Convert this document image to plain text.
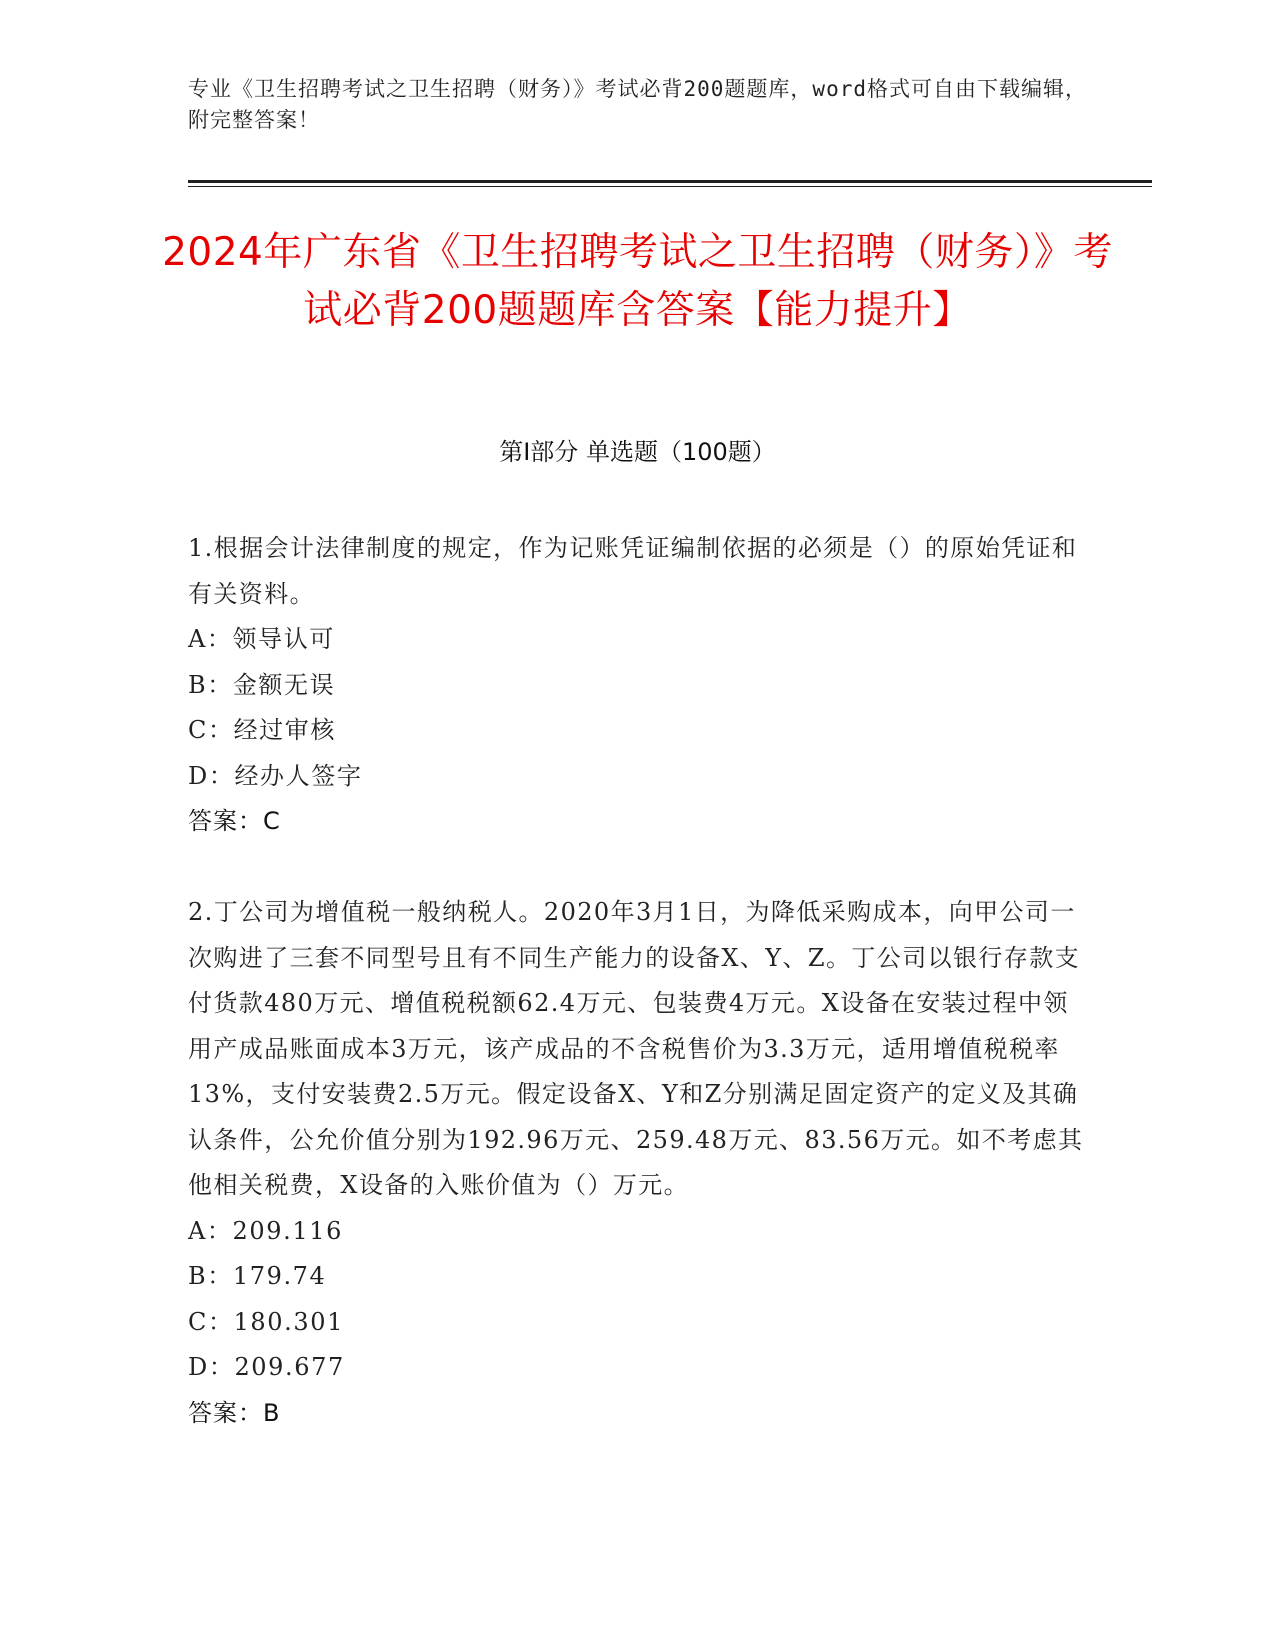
专业《卫生招聘考试之卫生招聘（财务）》考试必背200题题库，word格式可自由下载编辑，附完整答案！
2024年广东省《卫生招聘考试之卫生招聘（财务）》考试必背200题题库含答案【能力提升】
第I部分 单选题（100题）
1.根据会计法律制度的规定，作为记账凭证编制依据的必须是（）的原始凭证和有关资料。
A：领导认可
B：金额无误
C：经过审核
D：经办人签字
答案：C
2.丁公司为增值税一般纳税人。2020年3月1日，为降低采购成本，向甲公司一次购进了三套不同型号且有不同生产能力的设备X、Y、Z。丁公司以银行存款支付货款480万元、增值税税额62.4万元、包装费4万元。X设备在安装过程中领用产成品账面成本3万元，该产成品的不含税售价为3.3万元，适用增值税税率13%，支付安装费2.5万元。假定设备X、Y和Z分别满足固定资产的定义及其确认条件，公允价值分别为192.96万元、259.48万元、83.56万元。如不考虑其他相关税费，X设备的入账价值为（）万元。
A：209.116
B：179.74
C：180.301
D：209.677
答案：B
